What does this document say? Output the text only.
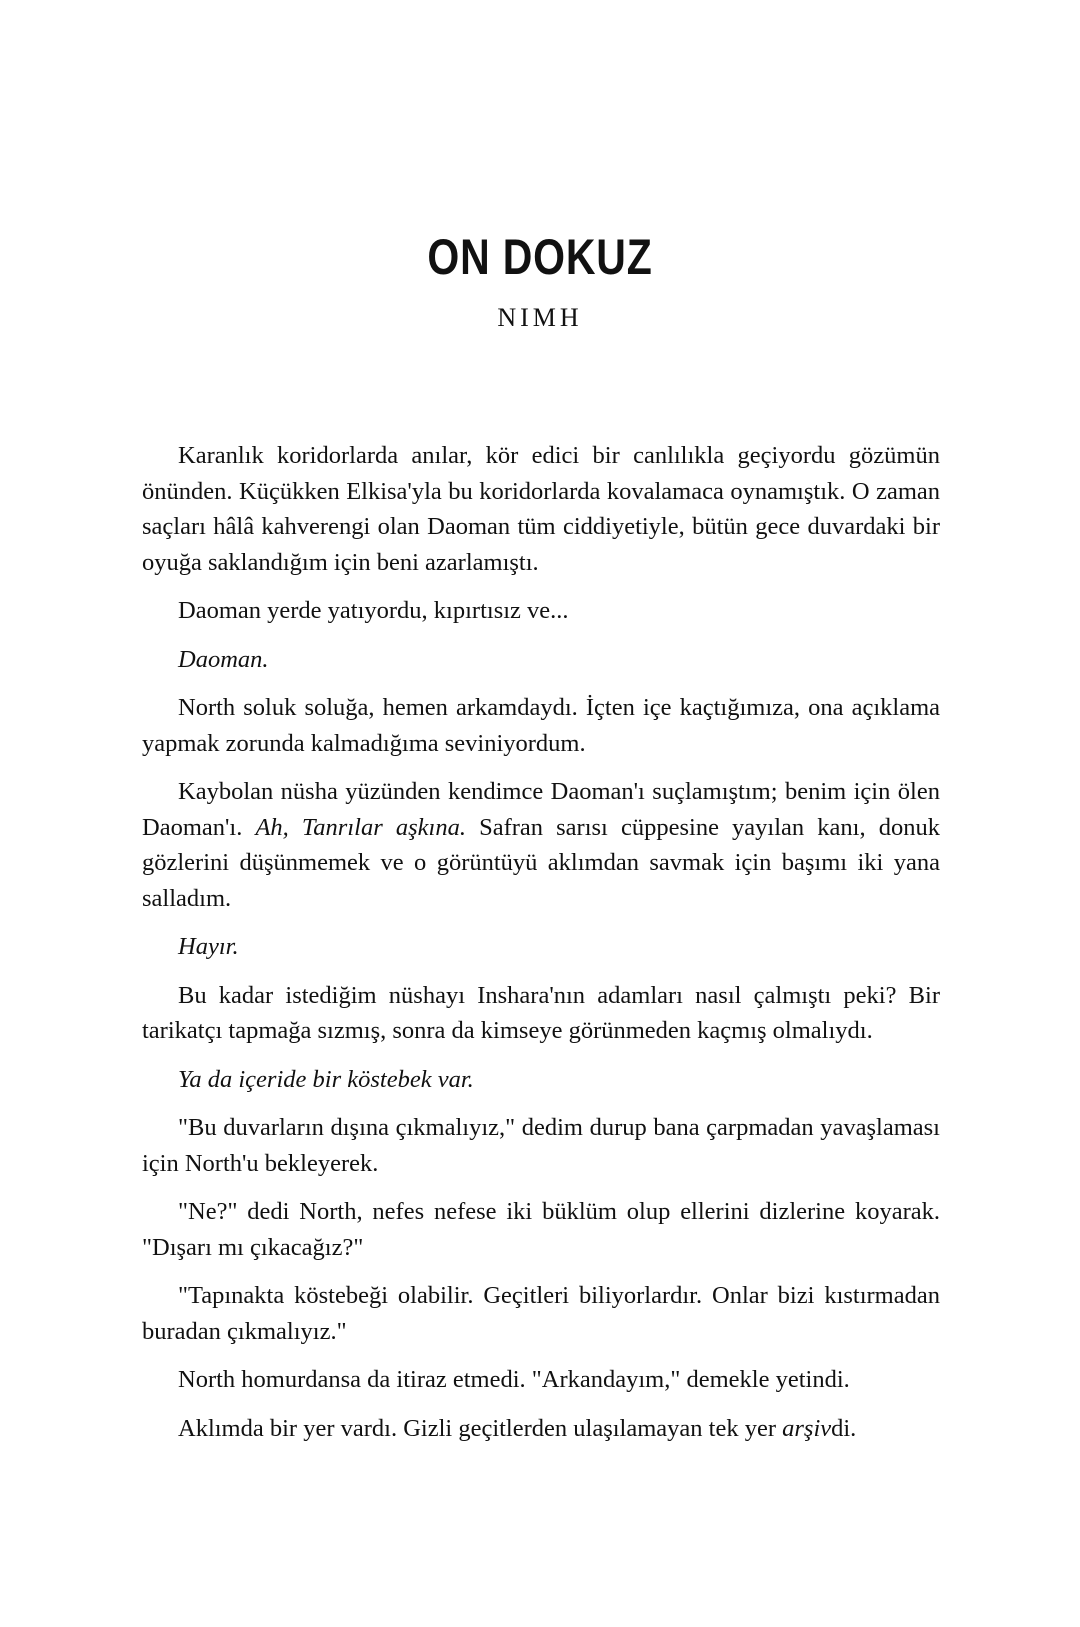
ON DOKUZ
NIMH

Karanlık koridorlarda anılar, kör edici bir canlılıkla geçiyordu gözümün önünden. Küçükken Elkisa'yla bu koridorlarda kovalamaca oynamıştık. O zaman saçları hâlâ kahverengi olan Daoman tüm ciddiyetiyle, bütün gece duvardaki bir oyuğa saklandığım için beni azarlamıştı.

Daoman yerde yatıyordu, kıpırtısız ve...

Daoman.

North soluk soluğa, hemen arkamdaydı. İçten içe kaçtığımıza, ona açıklama yapmak zorunda kalmadığıma seviniyordum.

Kaybolan nüsha yüzünden kendimce Daoman'ı suçlamıştım; benim için ölen Daoman'ı. Ah, Tanrılar aşkına. Safran sarısı cüppesine yayılan kanı, donuk gözlerini düşünmemek ve o görüntüyü aklımdan savmak için başımı iki yana salladım.

Hayır.

Bu kadar istediğim nüshayı Inshara'nın adamları nasıl çalmıştı peki? Bir tarikatçı tapmağa sızmış, sonra da kimseye görünmeden kaçmış olmalıydı.

Ya da içeride bir köstebek var.

"Bu duvarların dışına çıkmalıyız," dedim durup bana çarpmadan yavaşlaması için North'u bekleyerek.

"Ne?" dedi North, nefes nefese iki büklüm olup ellerini dizlerine koyarak. "Dışarı mı çıkacağız?"

"Tapınakta köstebeği olabilir. Geçitleri biliyorlardır. Onlar bizi kıstırmadan buradan çıkmalıyız."

North homurdansa da itiraz etmedi. "Arkandayım," demekle yetindi.

Aklımda bir yer vardı. Gizli geçitlerden ulaşılamayan tek yer arşivdi.
